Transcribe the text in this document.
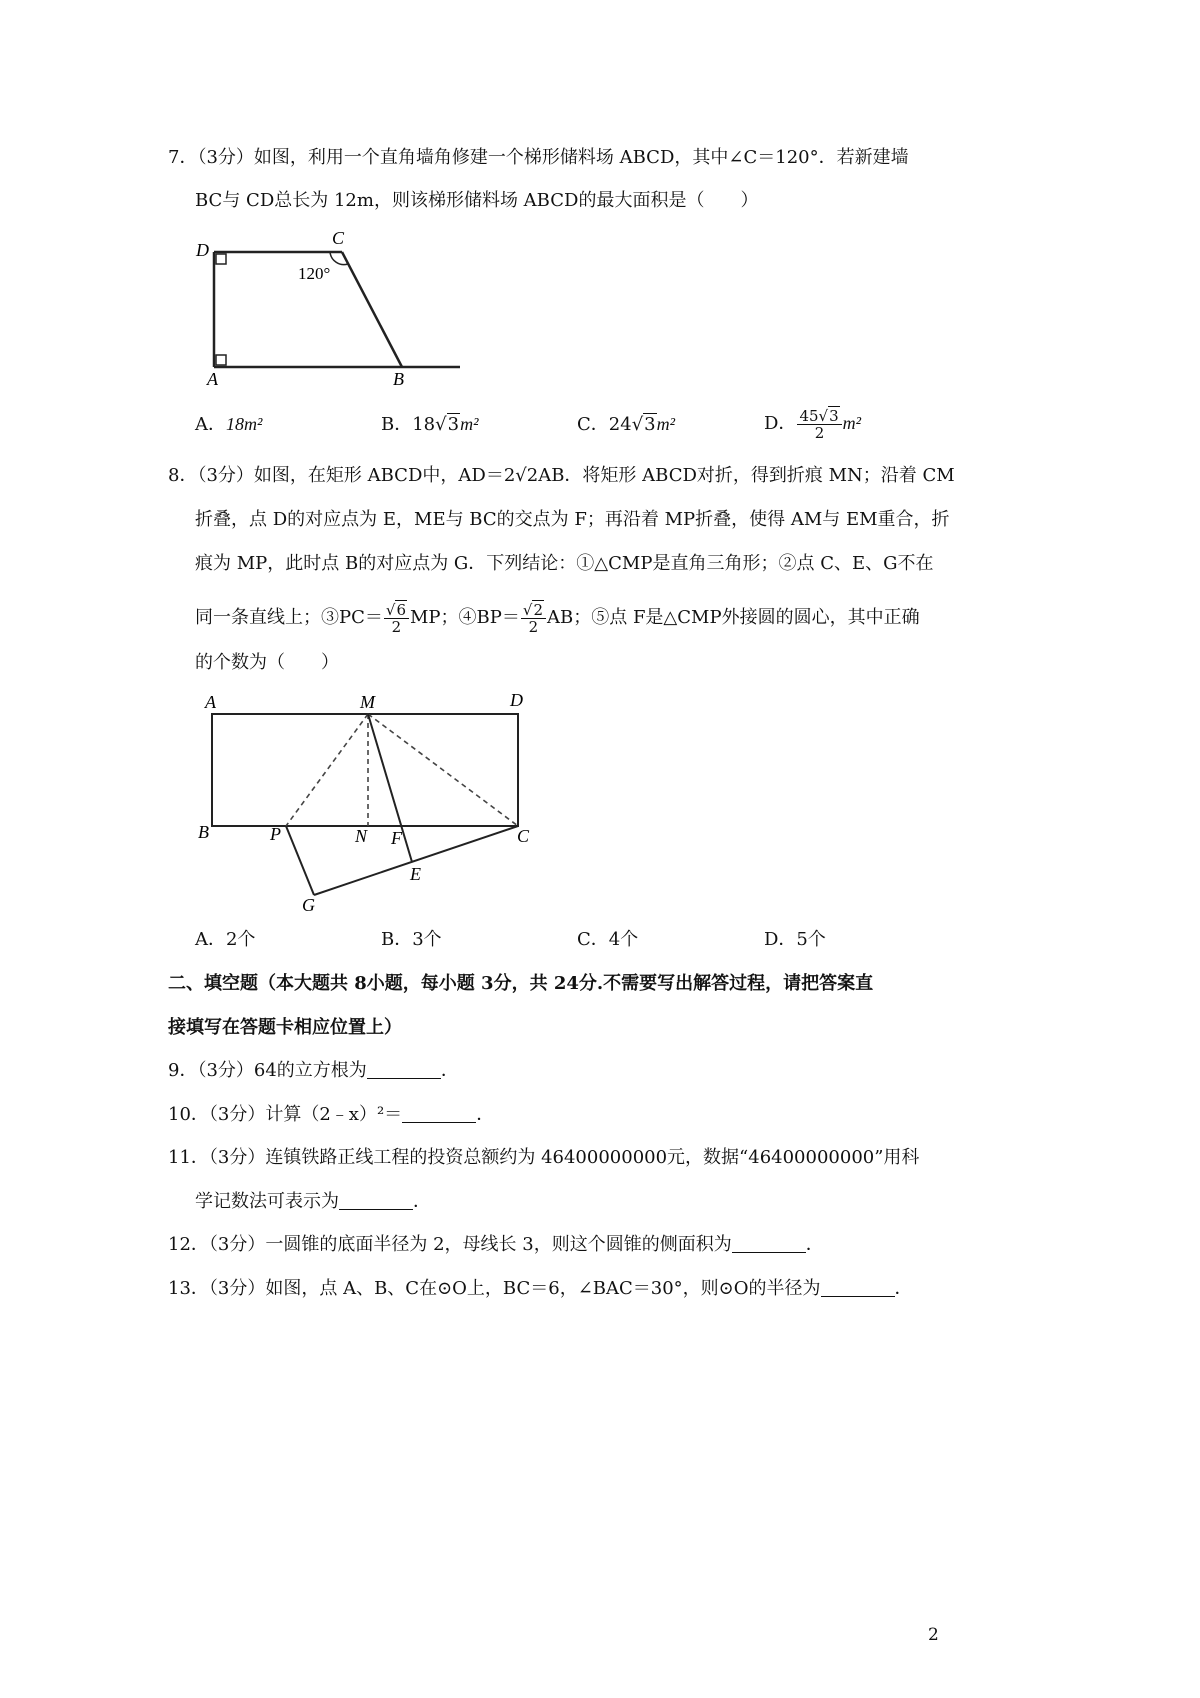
7．（3分）如图，利用一个直角墙角修建一个梯形储料场 ABCD，其中∠C＝120°．若新建墙
BC与 CD总长为 12m，则该梯形储料场 ABCD的最大面积是（　　）
D
C
A	B
120°
A．18m²	B．18√3m²	C．24√3m²	D． $\frac{45√3}{2} m^2$
8．（3分）如图，在矩形 ABCD中，AD＝2√2AB．将矩形 ABCD对折，得到折痕 MN；沿着 CM
折叠，点 D的对应点为 E，ME与 BC的交点为 F；再沿着 MP折叠，使得 AM与 EM重合，折
痕为 MP，此时点 B的对应点为 G．下列结论：①△CMP是直角三角形；②点 C、E、G不在
同一条直线上；③PC＝ $\frac{√6}{2}$ MP；④BP＝ $\frac{√2}{2}$ AB；⑤点 F是△CMP外接圆的圆心，其中正确
的个数为（　　）
A	M	D
B	P	N F	C
E
G
A．2个	B．3个	C．4个	D．5个
二、填空题（本大题共 8小题，每小题 3分，共 24分.不需要写出解答过程，请把答案直
接填写在答题卡相应位置上）
9．（3分）64的立方根为	．
10．（3分）计算（2﹣x）²＝	．
11．（3分）连镇铁路正线工程的投资总额约为 46400000000元，数据“46400000000”用科
学记数法可表示为	．
12．（3分）一圆锥的底面半径为 2，母线长 3，则这个圆锥的侧面积为	．
13．（3分）如图，点 A、B、C在⊙O上，BC＝6，∠BAC＝30°，则⊙O的半径为	．
2
